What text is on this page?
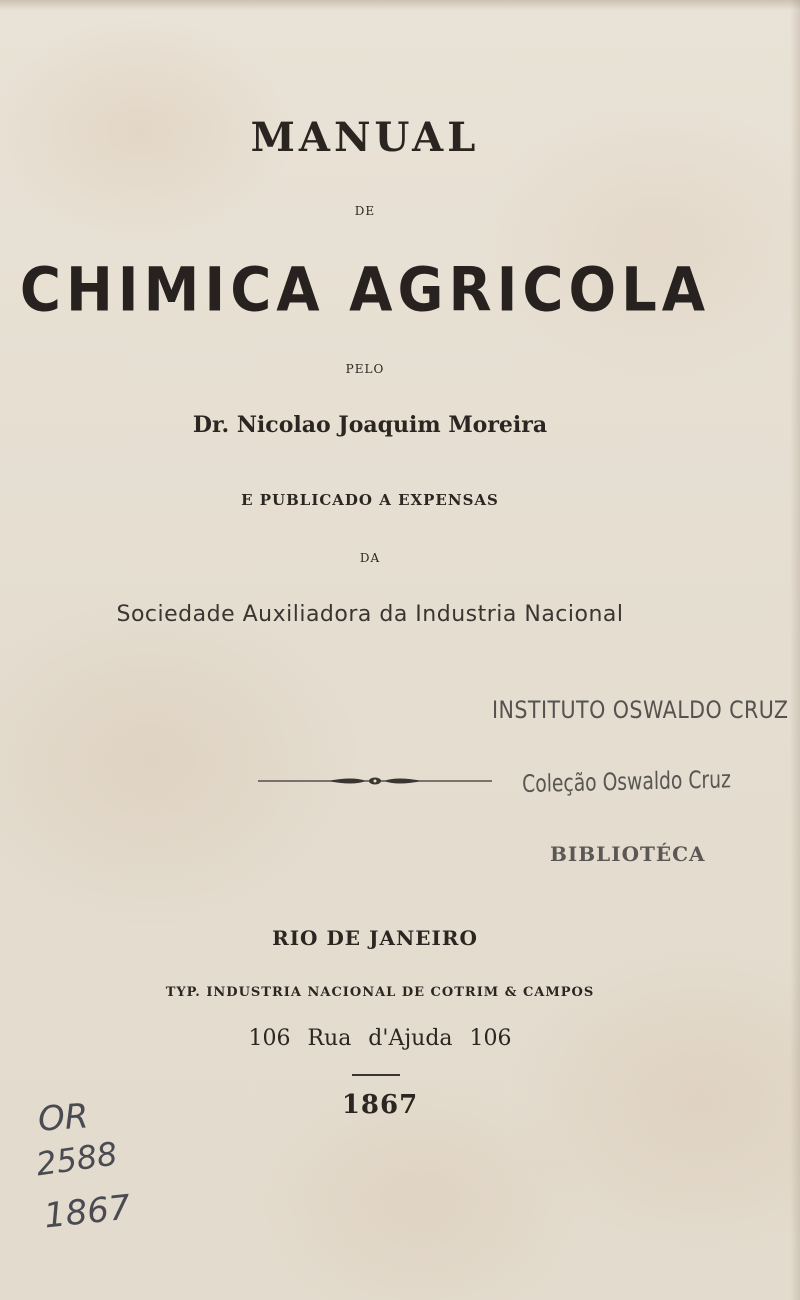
MANUAL
DE
CHIMICA AGRICOLA
PELO
Dr. Nicolao Joaquim Moreira
E PUBLICADO A EXPENSAS
DA
Sociedade Auxiliadora da Industria Nacional
INSTITUTO OSWALDO CRUZ
Coleção Oswaldo Cruz
BIBLIOTÉCA
RIO DE JANEIRO
TYP. INDUSTRIA NACIONAL DE COTRIM & CAMPOS
106 Rua d'Ajuda 106
1867
OR
2588
1867
